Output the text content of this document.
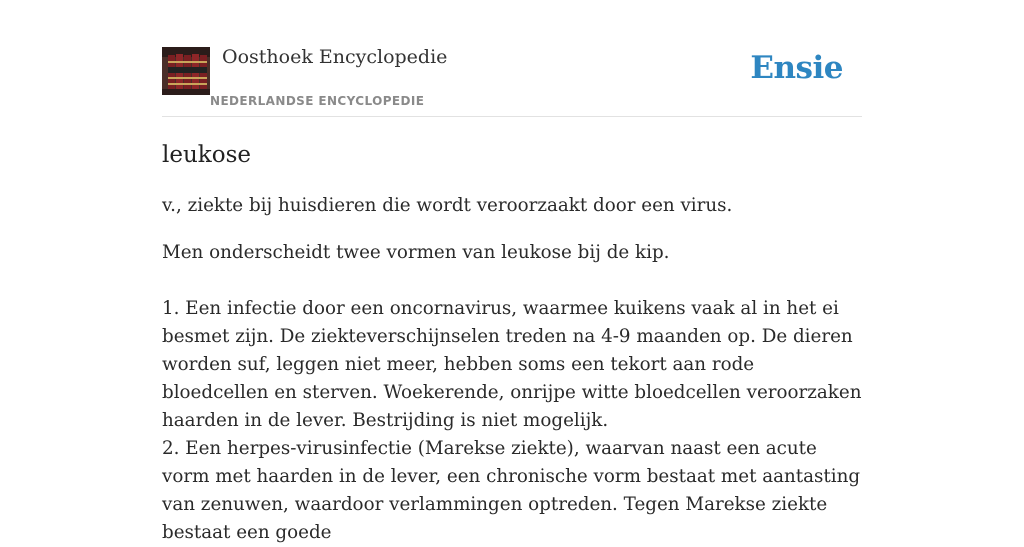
Oosthoek Encyclopedie
NEDERLANDSE ENCYCLOPEDIE
Ensie
leukose

v., ziekte bij huisdieren die wordt veroorzaakt door een virus.

Men onderscheidt twee vormen van leukose bij de kip.

1. Een infectie door een oncornavirus, waarmee kuikens vaak al in het ei besmet zijn. De ziekteverschijnselen treden na 4-9 maanden op. De dieren worden suf, leggen niet meer, hebben soms een tekort aan rode bloedcellen en sterven. Woekerende, onrijpe witte bloedcellen veroorzaken haarden in de lever. Bestrijding is niet mogelijk.

2. Een herpes-virusinfectie (Marekse ziekte), waarvan naast een acute vorm met haarden in de lever, een chronische vorm bestaat met aantasting van zenuwen, waardoor verlammingen optreden. Tegen Marekse ziekte bestaat een goede
